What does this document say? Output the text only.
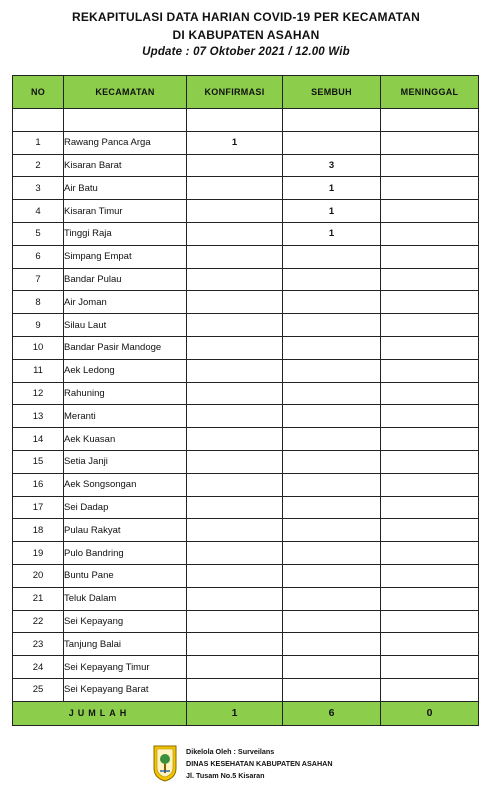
REKAPITULASI DATA HARIAN COVID-19 PER KECAMATAN
DI KABUPATEN ASAHAN
Update : 07 Oktober 2021 / 12.00 Wib
NO	KECAMATAN	KONFIRMASI	SEMBUH	MENINGGAL

1	Rawang Panca Arga	1		
2	Kisaran Barat		3	
3	Air Batu		1	
4	Kisaran Timur		1	
5	Tinggi Raja		1	
6	Simpang Empat			
7	Bandar Pulau			
8	Air Joman			
9	Silau Laut			
10	Bandar Pasir Mandoge			
11	Aek Ledong			
12	Rahuning			
13	Meranti			
14	Aek Kuasan			
15	Setia Janji			
16	Aek Songsongan			
17	Sei Dadap			
18	Pulau Rakyat			
19	Pulo Bandring			
20	Buntu Pane			
21	Teluk Dalam			
22	Sei Kepayang			
23	Tanjung Balai			
24	Sei Kepayang Timur			
25	Sei Kepayang Barat			
JUMLAH		1	6	0
Dikelola Oleh : Surveilans
DINAS KESEHATAN KABUPATEN ASAHAN
Jl. Tusam No.5 Kisaran
